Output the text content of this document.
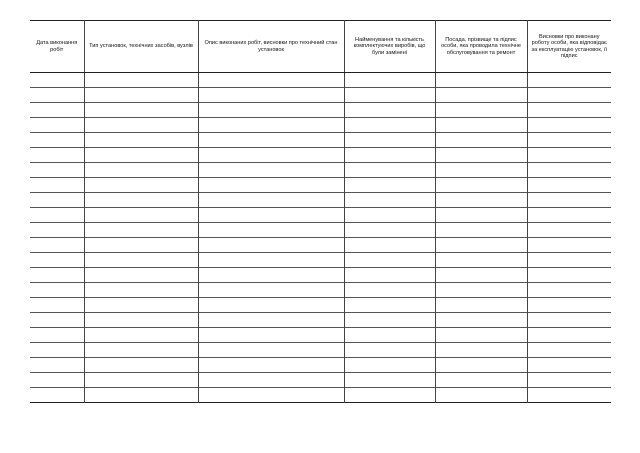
Дата виконання робіт	Тип установок, технічних засобів, вузлів	Опис виконаних робіт, висновки про технічний стан установок	Найменування та кількість комплектуючих виробів, що були замінені	Посада, прізвище та підпис особи, яка проводила технічне обслуговування та ремонт	Висновки про виконану роботу особи, яка відповідає за експлуатацію установок, її підпис
